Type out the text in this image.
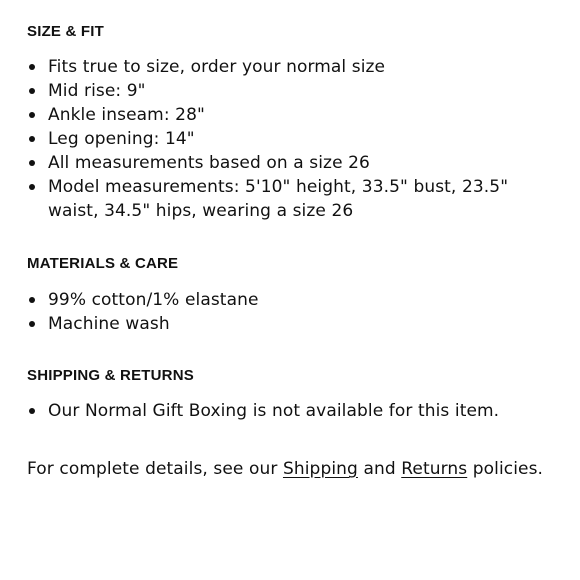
SIZE & FIT
Fits true to size, order your normal size
Mid rise: 9"
Ankle inseam: 28"
Leg opening: 14"
All measurements based on a size 26
Model measurements: 5'10" height, 33.5" bust, 23.5" waist, 34.5" hips, wearing a size 26
MATERIALS & CARE
99% cotton/1% elastane
Machine wash
SHIPPING & RETURNS
Our Normal Gift Boxing is not available for this item.

For complete details, see our Shipping and Returns policies.
